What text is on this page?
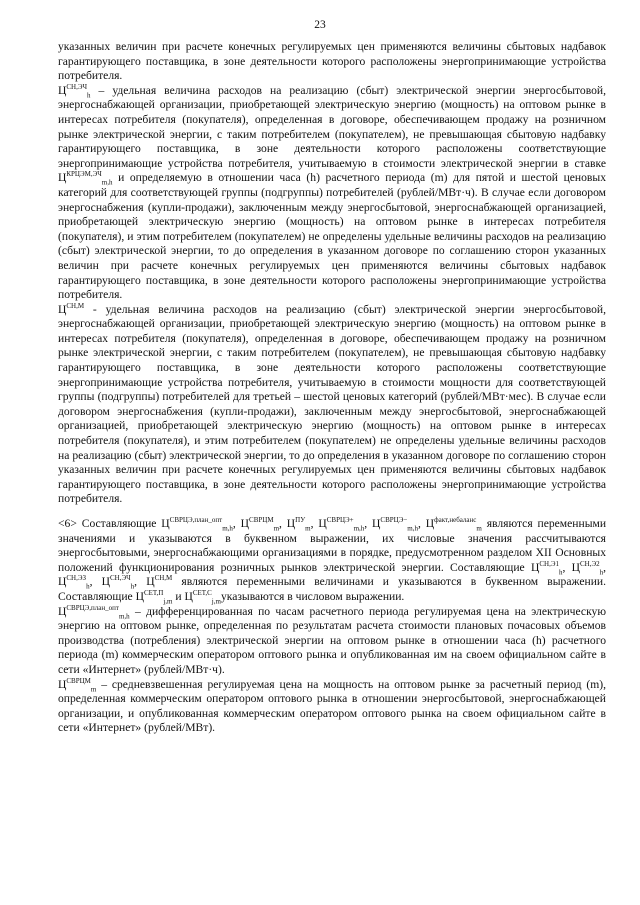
23

указанных величин при расчете конечных регулируемых цен применяются величины сбытовых надбавок гарантирующего поставщика, в зоне деятельности которого расположены энергопринимающие устройства потребителя.

$Ц^{СН,ЭЧ}_h$ – удельная величина расходов на реализацию (сбыт) электрической энергии энергосбытовой, энергоснабжающей организации, приобретающей электрическую энергию (мощность) на оптовом рынке в интересах потребителя (покупателя), определенная в договоре, обеспечивающем продажу на розничном рынке электрической энергии, с таким потребителем (покупателем), не превышающая сбытовую надбавку гарантирующего поставщика, в зоне деятельности которого расположены соответствующие энергопринимающие устройства потребителя, учитываемую в стоимости электрической энергии в ставке $Ц^{КРЦЭМ,ЭЧ}_{m,h}$ и определяемую в отношении часа (h) расчетного периода (m) для пятой и шестой ценовых категорий для соответствующей группы (подгруппы) потребителей (рублей/МВт·ч). В случае если договором энергоснабжения (купли-продажи), заключенным между энергосбытовой, энергоснабжающей организацией, приобретающей электрическую энергию (мощность) на оптовом рынке в интересах потребителя (покупателя), и этим потребителем (покупателем) не определены удельные величины расходов на реализацию (сбыт) электрической энергии, то до определения в указанном договоре по соглашению сторон указанных величин при расчете конечных регулируемых цен применяются величины сбытовых надбавок гарантирующего поставщика, в зоне деятельности которого расположены энергопринимающие устройства потребителя.

$Ц^{СН,М}$ - удельная величина расходов на реализацию (сбыт) электрической энергии энергосбытовой, энергоснабжающей организации, приобретающей электрическую энергию (мощность) на оптовом рынке в интересах потребителя (покупателя), определенная в договоре, обеспечивающем продажу на розничном рынке электрической энергии, с таким потребителем (покупателем), не превышающая сбытовую надбавку гарантирующего поставщика, в зоне деятельности которого расположены соответствующие энергопринимающие устройства потребителя, учитываемую в стоимости мощности для соответствующей группы (подгруппы) потребителей для третьей – шестой ценовых категорий (рублей/МВт·мес). В случае если договором энергоснабжения (купли-продажи), заключенным между энергосбытовой, энергоснабжающей организацией, приобретающей электрическую энергию (мощность) на оптовом рынке в интересах потребителя (покупателя), и этим потребителем (покупателем) не определены удельные величины расходов на реализацию (сбыт) электрической энергии, то до определения в указанном договоре по соглашению сторон указанных величин при расчете конечных регулируемых цен применяются величины сбытовых надбавок гарантирующего поставщика, в зоне деятельности которого расположены энергопринимающие устройства потребителя.

<6> Составляющие $Ц^{СВРЦЭ,план\_опт}_{m,h}$, $Ц^{СВРЦМ}_m$, $Ц^{ПУ}_m$, $Ц^{СВРЦЭ+}_{m,h}$, $Ц^{СВРЦЭ-}_{m,h}$, $Ц^{факт,небаланс}_m$ являются переменными значениями и указываются в буквенном выражении, их числовые значения рассчитываются энергосбытовыми, энергоснабжающими организациями в порядке, предусмотренном разделом XII Основных положений функционирования розничных рынков электрической энергии. Составляющие $Ц^{СН,Э1}_h$, $Ц^{СН,Э2}_h$, $Ц^{СН,ЭЗ}_h$, $Ц^{СН,ЭЧ}_h$, $Ц^{СН,М}$ являются переменными величинами и указываются в буквенном выражении. Составляющие $Ц^{СЕТ,П}_{j,m}$ и $Ц^{СЕТ,С}_{j,m}указываются$ в числовом выражении.

$Ц^{СВРЦЭ,план\_опт}_{m,h}$ – дифференцированная по часам расчетного периода регулируемая цена на электрическую энергию на оптовом рынке, определенная по результатам расчета стоимости плановых почасовых объемов производства (потребления) электрической энергии на оптовом рынке в отношении часа (h) расчетного периода (m) коммерческим оператором оптового рынка и опубликованная им на своем официальном сайте в сети «Интернет» (рублей/МВт·ч).

$Ц^{СВРЦМ}_m$ – средневзвешенная регулируемая цена на мощность на оптовом рынке за расчетный период (m), определенная коммерческим оператором оптового рынка в отношении энергосбытовой, энергоснабжающей организации, и опубликованная коммерческим оператором оптового рынка на своем официальном сайте в сети «Интернет» (рублей/МВт).
